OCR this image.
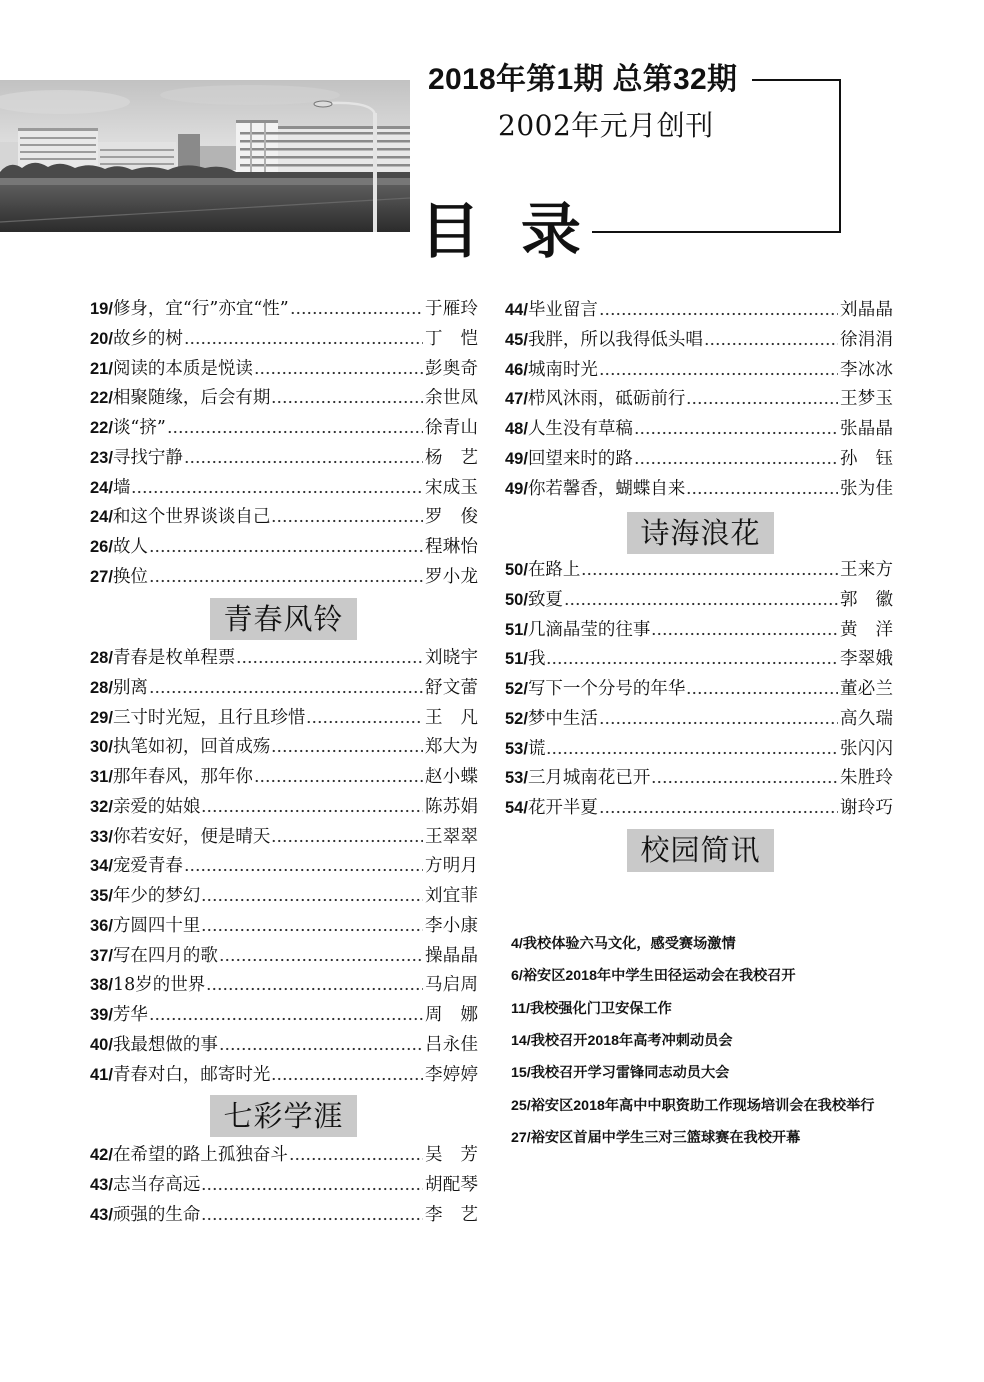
2018年第1期 总第32期
2002年元月创刊
目 录
19/ 修身，宜“行”亦宜“性”	于雁玲
20/ 故乡的树	丁 恺
21/ 阅读的本质是悦读	彭奥奇
22/ 相聚随缘，后会有期	余世凤
22/ 谈“挤”	徐青山
23/ 寻找宁静	杨 艺
24/ 墙	宋成玉
24/ 和这个世界谈谈自己	罗 俊
26/ 故人	程琳怡
27/ 换位	罗小龙
青春风铃
28/ 青春是枚单程票	刘晓宇
28/ 别离	舒文蕾
29/ 三寸时光短，且行且珍惜	王 凡
30/ 执笔如初，回首成殇	郑大为
31/ 那年春风，那年你	赵小蝶
32/ 亲爱的姑娘	陈苏娟
33/ 你若安好，便是晴天	王翠翠
34/ 宠爱青春	方明月
35/ 年少的梦幻	刘宜菲
36/ 方圆四十里	李小康
37/ 写在四月的歌	操晶晶
38/ 18岁的世界	马启周
39/ 芳华	周 娜
40/ 我最想做的事	吕永佳
41/ 青春对白，邮寄时光	李婷婷
七彩学涯
42/ 在希望的路上孤独奋斗	吴 芳
43/ 志当存高远	胡配琴
43/ 顽强的生命	李 艺
44/ 毕业留言	刘晶晶
45/ 我胖，所以我得低头唱	徐涓涓
46/ 城南时光	李冰冰
47/ 栉风沐雨，砥砺前行	王梦玉
48/ 人生没有草稿	张晶晶
49/ 回望来时的路	孙 钰
49/ 你若馨香，蝴蝶自来	张为佳
诗海浪花
50/ 在路上	王来方
50/ 致夏	郭 徽
51/ 几滴晶莹的往事	黄 洋
51/ 我	李翠娥
52/ 写下一个分号的年华	董必兰
52/ 梦中生活	高久瑞
53/ 谎	张闪闪
53/ 三月城南花已开	朱胜玲
54/ 花开半夏	谢玲巧
校园简讯
4/我校体验六马文化，感受赛场激情
6/裕安区2018年中学生田径运动会在我校召开
11/我校强化门卫安保工作
14/我校召开2018年高考冲刺动员会
15/我校召开学习雷锋同志动员大会
25/裕安区2018年高中中职资助工作现场培训会在我校举行
27/裕安区首届中学生三对三篮球赛在我校开幕
